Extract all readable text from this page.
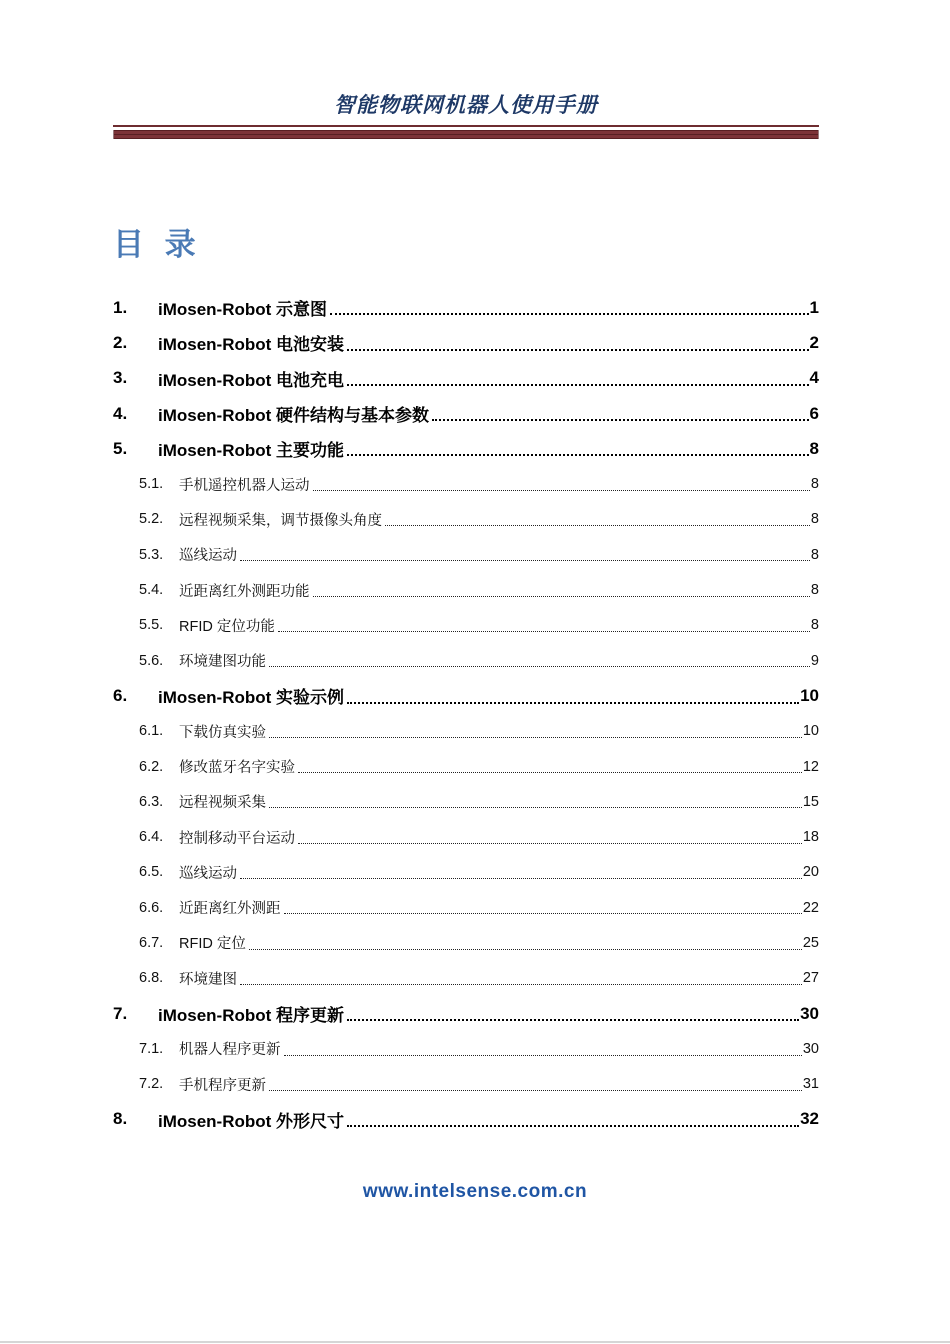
智能物联网机器人使用手册
目 录
1.	iMosen-Robot 示意图	1
2.	iMosen-Robot 电池安装	2
3.	iMosen-Robot 电池充电	4
4.	iMosen-Robot 硬件结构与基本参数	6
5.	iMosen-Robot 主要功能	8
5.1.	手机遥控机器人运动	8
5.2.	远程视频采集，调节摄像头角度	8
5.3.	巡线运动	8
5.4.	近距离红外测距功能	8
5.5.	RFID 定位功能	8
5.6.	环境建图功能	9
6.	iMosen-Robot 实验示例	10
6.1.	下载仿真实验	10
6.2.	修改蓝牙名字实验	12
6.3.	远程视频采集	15
6.4.	控制移动平台运动	18
6.5.	巡线运动	20
6.6.	近距离红外测距	22
6.7.	RFID 定位	25
6.8.	环境建图	27
7.	iMosen-Robot 程序更新	30
7.1.	机器人程序更新	30
7.2.	手机程序更新	31
8.	iMosen-Robot 外形尺寸	32
www.intelsense.com.cn
